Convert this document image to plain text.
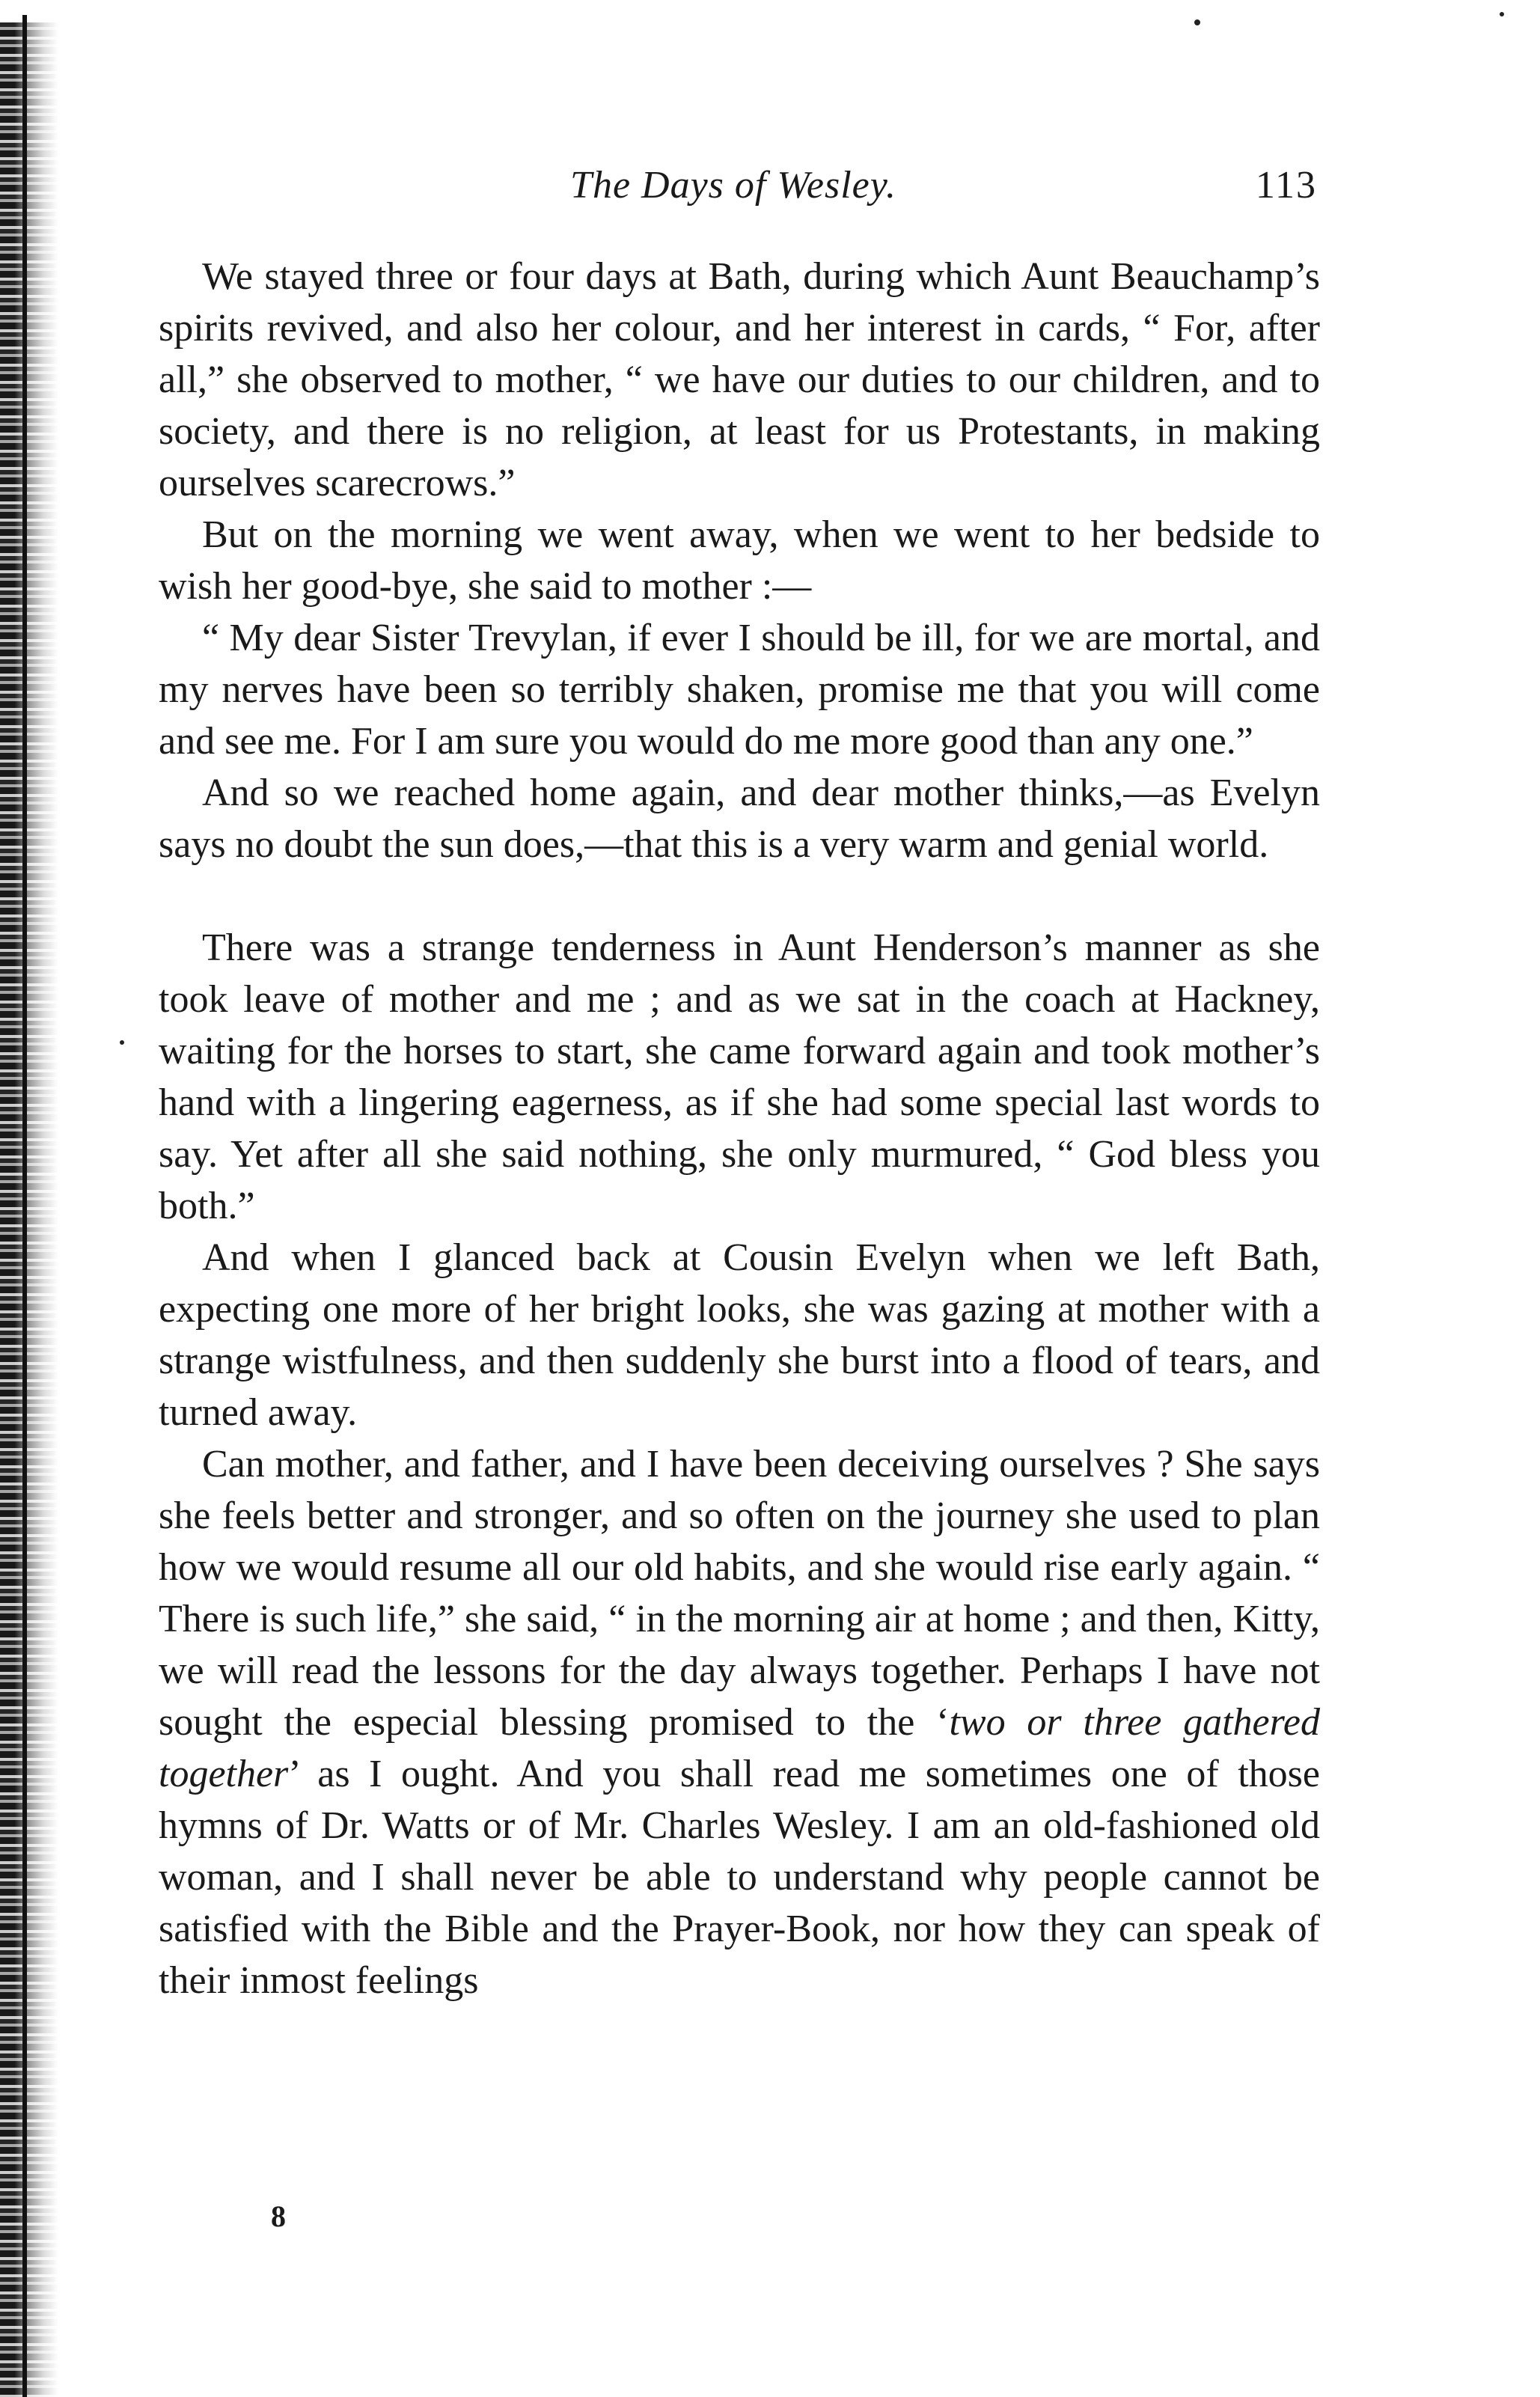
The Days of Wesley.	113

We stayed three or four days at Bath, during which Aunt Beauchamp’s spirits revived, and also her colour, and her interest in cards, “ For, after all,” she observed to mother, “ we have our duties to our children, and to society, and there is no religion, at least for us Protestants, in making ourselves scarecrows.”

But on the morning we went away, when we went to her bedside to wish her good-bye, she said to mother :—

“ My dear Sister Trevylan, if ever I should be ill, for we are mortal, and my nerves have been so terribly shaken, promise me that you will come and see me. For I am sure you would do me more good than any one.”

And so we reached home again, and dear mother thinks,—as Evelyn says no doubt the sun does,—that this is a very warm and genial world.

There was a strange tenderness in Aunt Henderson’s manner as she took leave of mother and me ; and as we sat in the coach at Hackney, waiting for the horses to start, she came forward again and took mother’s hand with a lingering eagerness, as if she had some special last words to say. Yet after all she said nothing, she only murmured, “ God bless you both.”

And when I glanced back at Cousin Evelyn when we left Bath, expecting one more of her bright looks, she was gazing at mother with a strange wistfulness, and then suddenly she burst into a flood of tears, and turned away.

Can mother, and father, and I have been deceiving ourselves ? She says she feels better and stronger, and so often on the journey she used to plan how we would resume all our old habits, and she would rise early again. “ There is such life,” she said, “ in the morning air at home ; and then, Kitty, we will read the lessons for the day always together. Perhaps I have not sought the especial blessing promised to the ‘two or three gathered together’ as I ought. And you shall read me sometimes one of those hymns of Dr. Watts or of Mr. Charles Wesley. I am an old-fashioned old woman, and I shall never be able to understand why people cannot be satisfied with the Bible and the Prayer-Book, nor how they can speak of their inmost feelings

8
